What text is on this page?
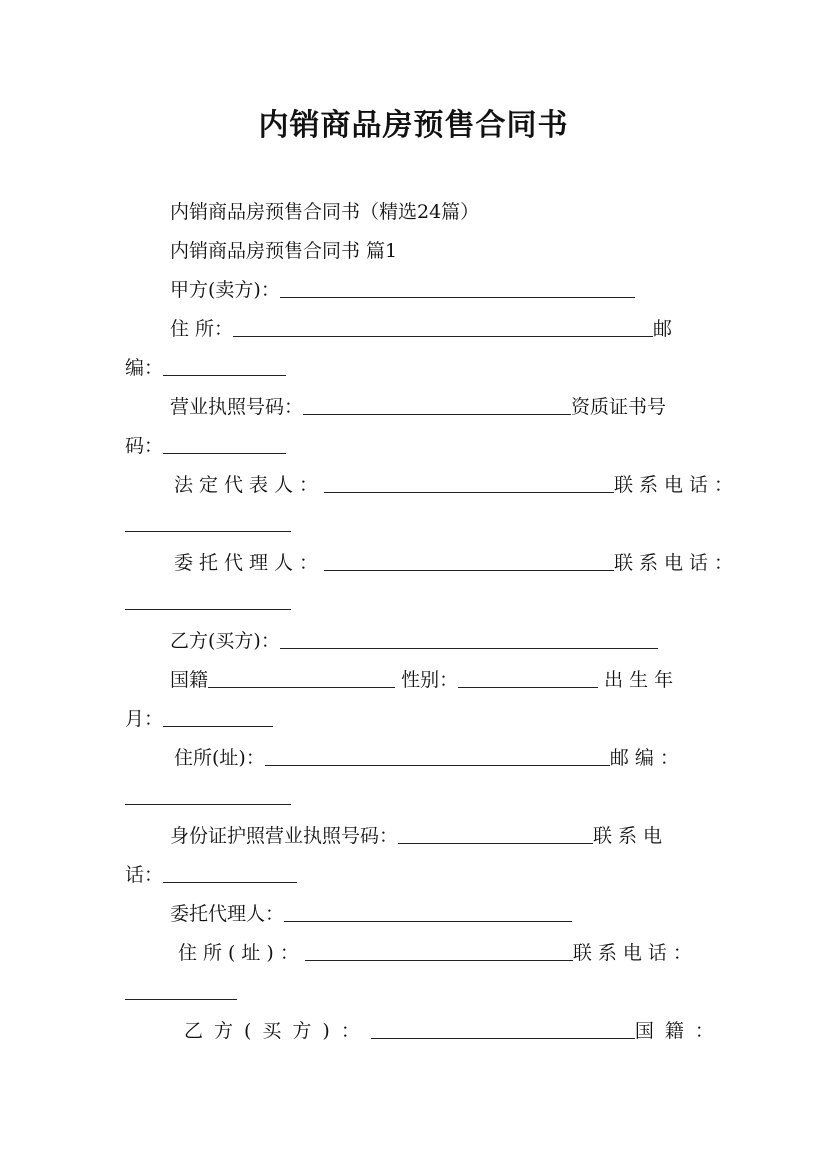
内销商品房预售合同书
内销商品房预售合同书（精选24篇）
内销商品房预售合同书 篇1
甲方(卖方)：
住 所：	邮
编：
营业执照号码：	资质证书号
码：
法定代表人：	联系电话：
委托代理人：	联系电话：
乙方(买方)：
国籍	性别：	出生年
月：
住所(址)：	邮编：
身份证护照营业执照号码：	联系电
话：
委托代理人：
住所(址)：	联系电话：
乙方(买方)：	国籍：
